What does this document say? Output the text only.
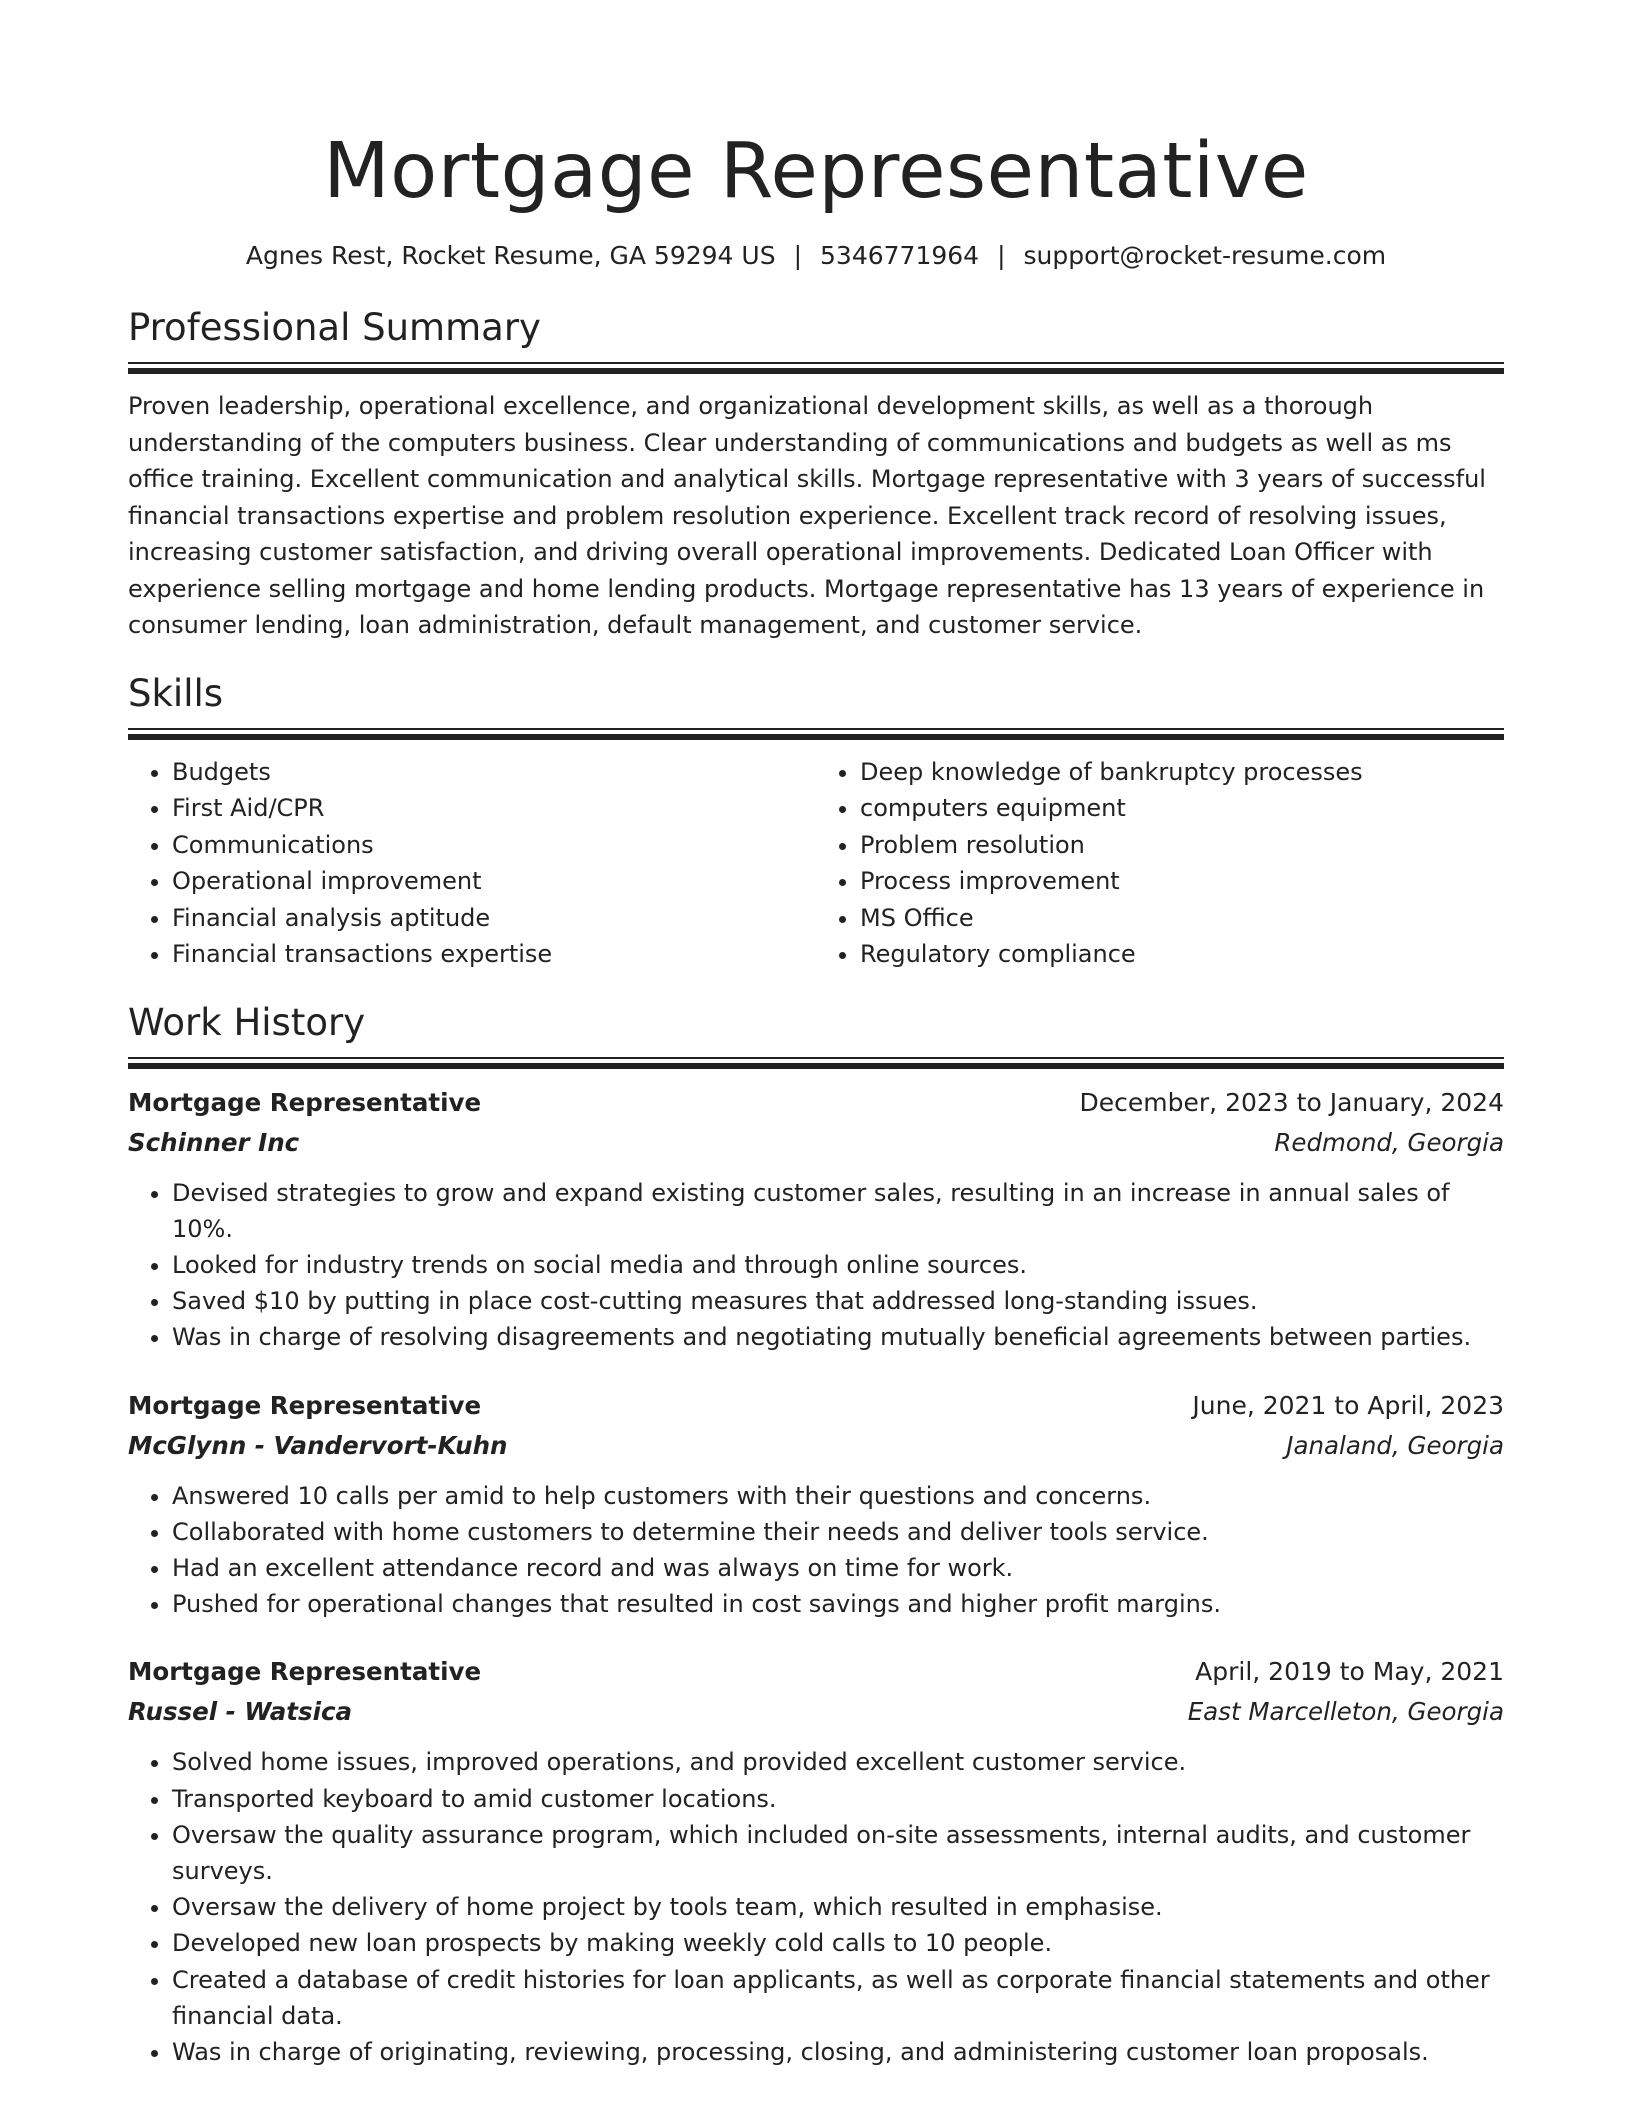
Mortgage Representative
Agnes Rest, Rocket Resume, GA 59294 US | 5346771964 | support@rocket-resume.com
Professional Summary

Proven leadership, operational excellence, and organizational development skills, as well as a thorough understanding of the computers business. Clear understanding of communications and budgets as well as ms office training. Excellent communication and analytical skills. Mortgage representative with 3 years of successful financial transactions expertise and problem resolution experience. Excellent track record of resolving issues, increasing customer satisfaction, and driving overall operational improvements. Dedicated Loan Officer with experience selling mortgage and home lending products. Mortgage representative has 13 years of experience in consumer lending, loan administration, default management, and customer service.

Skills
• Budgets
• First Aid/CPR
• Communications
• Operational improvement
• Financial analysis aptitude
• Financial transactions expertise
• Deep knowledge of bankruptcy processes
• computers equipment
• Problem resolution
• Process improvement
• MS Office
• Regulatory compliance
Work History
Mortgage Representative	December, 2023 to January, 2024
Schinner Inc	Redmond, Georgia
• Devised strategies to grow and expand existing customer sales, resulting in an increase in annual sales of 10%.
• Looked for industry trends on social media and through online sources.
• Saved $10 by putting in place cost-cutting measures that addressed long-standing issues.
• Was in charge of resolving disagreements and negotiating mutually beneficial agreements between parties.
Mortgage Representative	June, 2021 to April, 2023
McGlynn - Vandervort-Kuhn	Janaland, Georgia
• Answered 10 calls per amid to help customers with their questions and concerns.
• Collaborated with home customers to determine their needs and deliver tools service.
• Had an excellent attendance record and was always on time for work.
• Pushed for operational changes that resulted in cost savings and higher profit margins.
Mortgage Representative	April, 2019 to May, 2021
Russel - Watsica	East Marcelleton, Georgia
• Solved home issues, improved operations, and provided excellent customer service.
• Transported keyboard to amid customer locations.
• Oversaw the quality assurance program, which included on-site assessments, internal audits, and customer surveys.
• Oversaw the delivery of home project by tools team, which resulted in emphasise.
• Developed new loan prospects by making weekly cold calls to 10 people.
• Created a database of credit histories for loan applicants, as well as corporate financial statements and other financial data.
• Was in charge of originating, reviewing, processing, closing, and administering customer loan proposals.
